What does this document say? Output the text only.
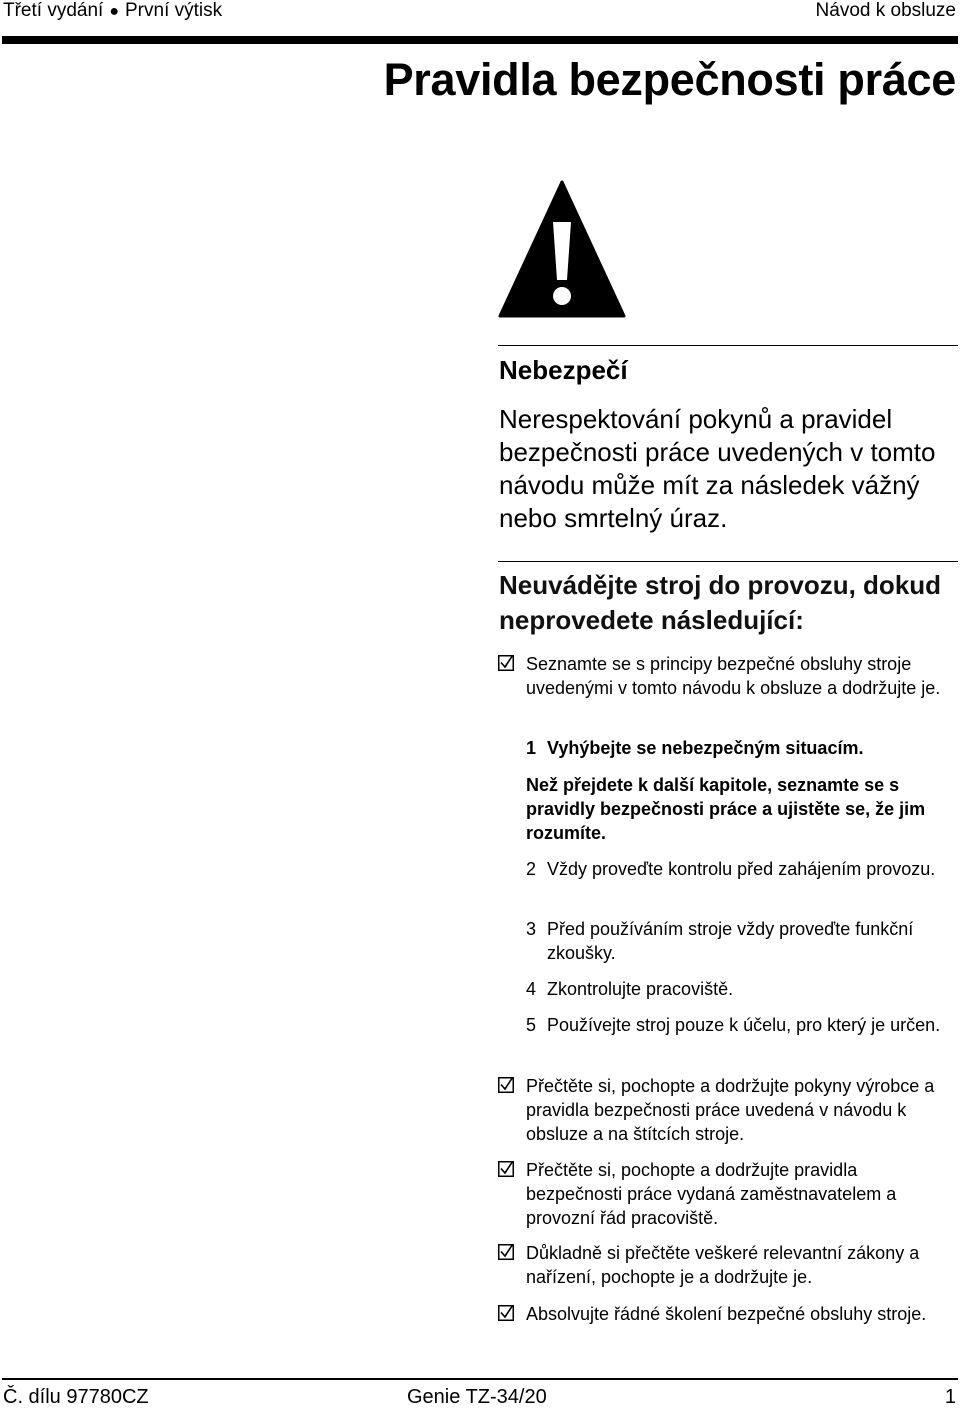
Třetí vydání ● První výtisk	Návod k obsluze
Pravidla bezpečnosti práce
Nebezpečí
Nerespektování pokynů a pravidel bezpečnosti práce uvedených v tomto návodu může mít za následek vážný nebo smrtelný úraz.
Neuvádějte stroj do provozu, dokud neprovedete následující:
Seznamte se s principy bezpečné obsluhy stroje uvedenými v tomto návodu k obsluze a dodržujte je.
1 Vyhýbejte se nebezpečným situacím.
Než přejdete k další kapitole, seznamte se s pravidly bezpečnosti práce a ujistěte se, že jim rozumíte.
2 Vždy proveďte kontrolu před zahájením provozu.
3 Před používáním stroje vždy proveďte funkční zkoušky.
4 Zkontrolujte pracoviště.
5 Používejte stroj pouze k účelu, pro který je určen.
Přečtěte si, pochopte a dodržujte pokyny výrobce a pravidla bezpečnosti práce uvedená v návodu k obsluze a na štítcích stroje.
Přečtěte si, pochopte a dodržujte pravidla bezpečnosti práce vydaná zaměstnavatelem a provozní řád pracoviště.
Důkladně si přečtěte veškeré relevantní zákony a nařízení, pochopte je a dodržujte je.
Absolvujte řádné školení bezpečné obsluhy stroje.
Č. dílu 97780CZ	Genie TZ-34/20	1
